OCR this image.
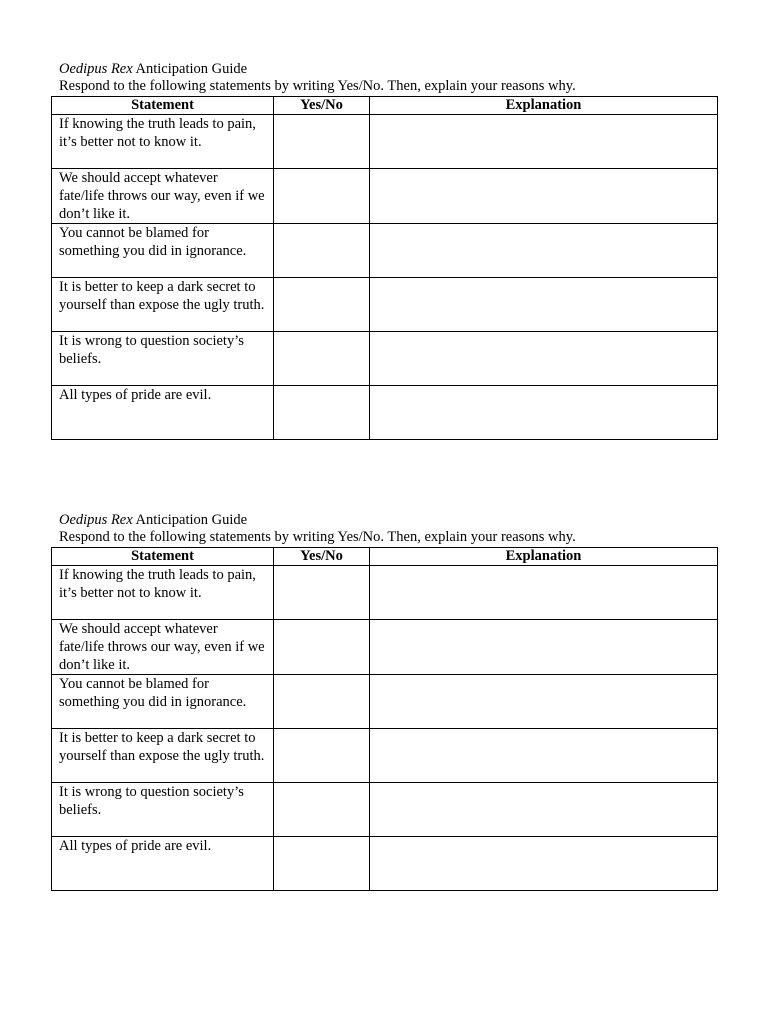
Oedipus Rex Anticipation Guide
Respond to the following statements by writing Yes/No. Then, explain your reasons why.
Statement	Yes/No	Explanation
If knowing the truth leads to pain, it’s better not to know it.		
We should accept whatever fate/life throws our way, even if we don’t like it.		
You cannot be blamed for something you did in ignorance.		
It is better to keep a dark secret to yourself than expose the ugly truth.		
It is wrong to question society’s beliefs.		
All types of pride are evil.		
Oedipus Rex Anticipation Guide
Respond to the following statements by writing Yes/No. Then, explain your reasons why.
Statement	Yes/No	Explanation
If knowing the truth leads to pain, it’s better not to know it.		
We should accept whatever fate/life throws our way, even if we don’t like it.		
You cannot be blamed for something you did in ignorance.		
It is better to keep a dark secret to yourself than expose the ugly truth.		
It is wrong to question society’s beliefs.		
All types of pride are evil.		
